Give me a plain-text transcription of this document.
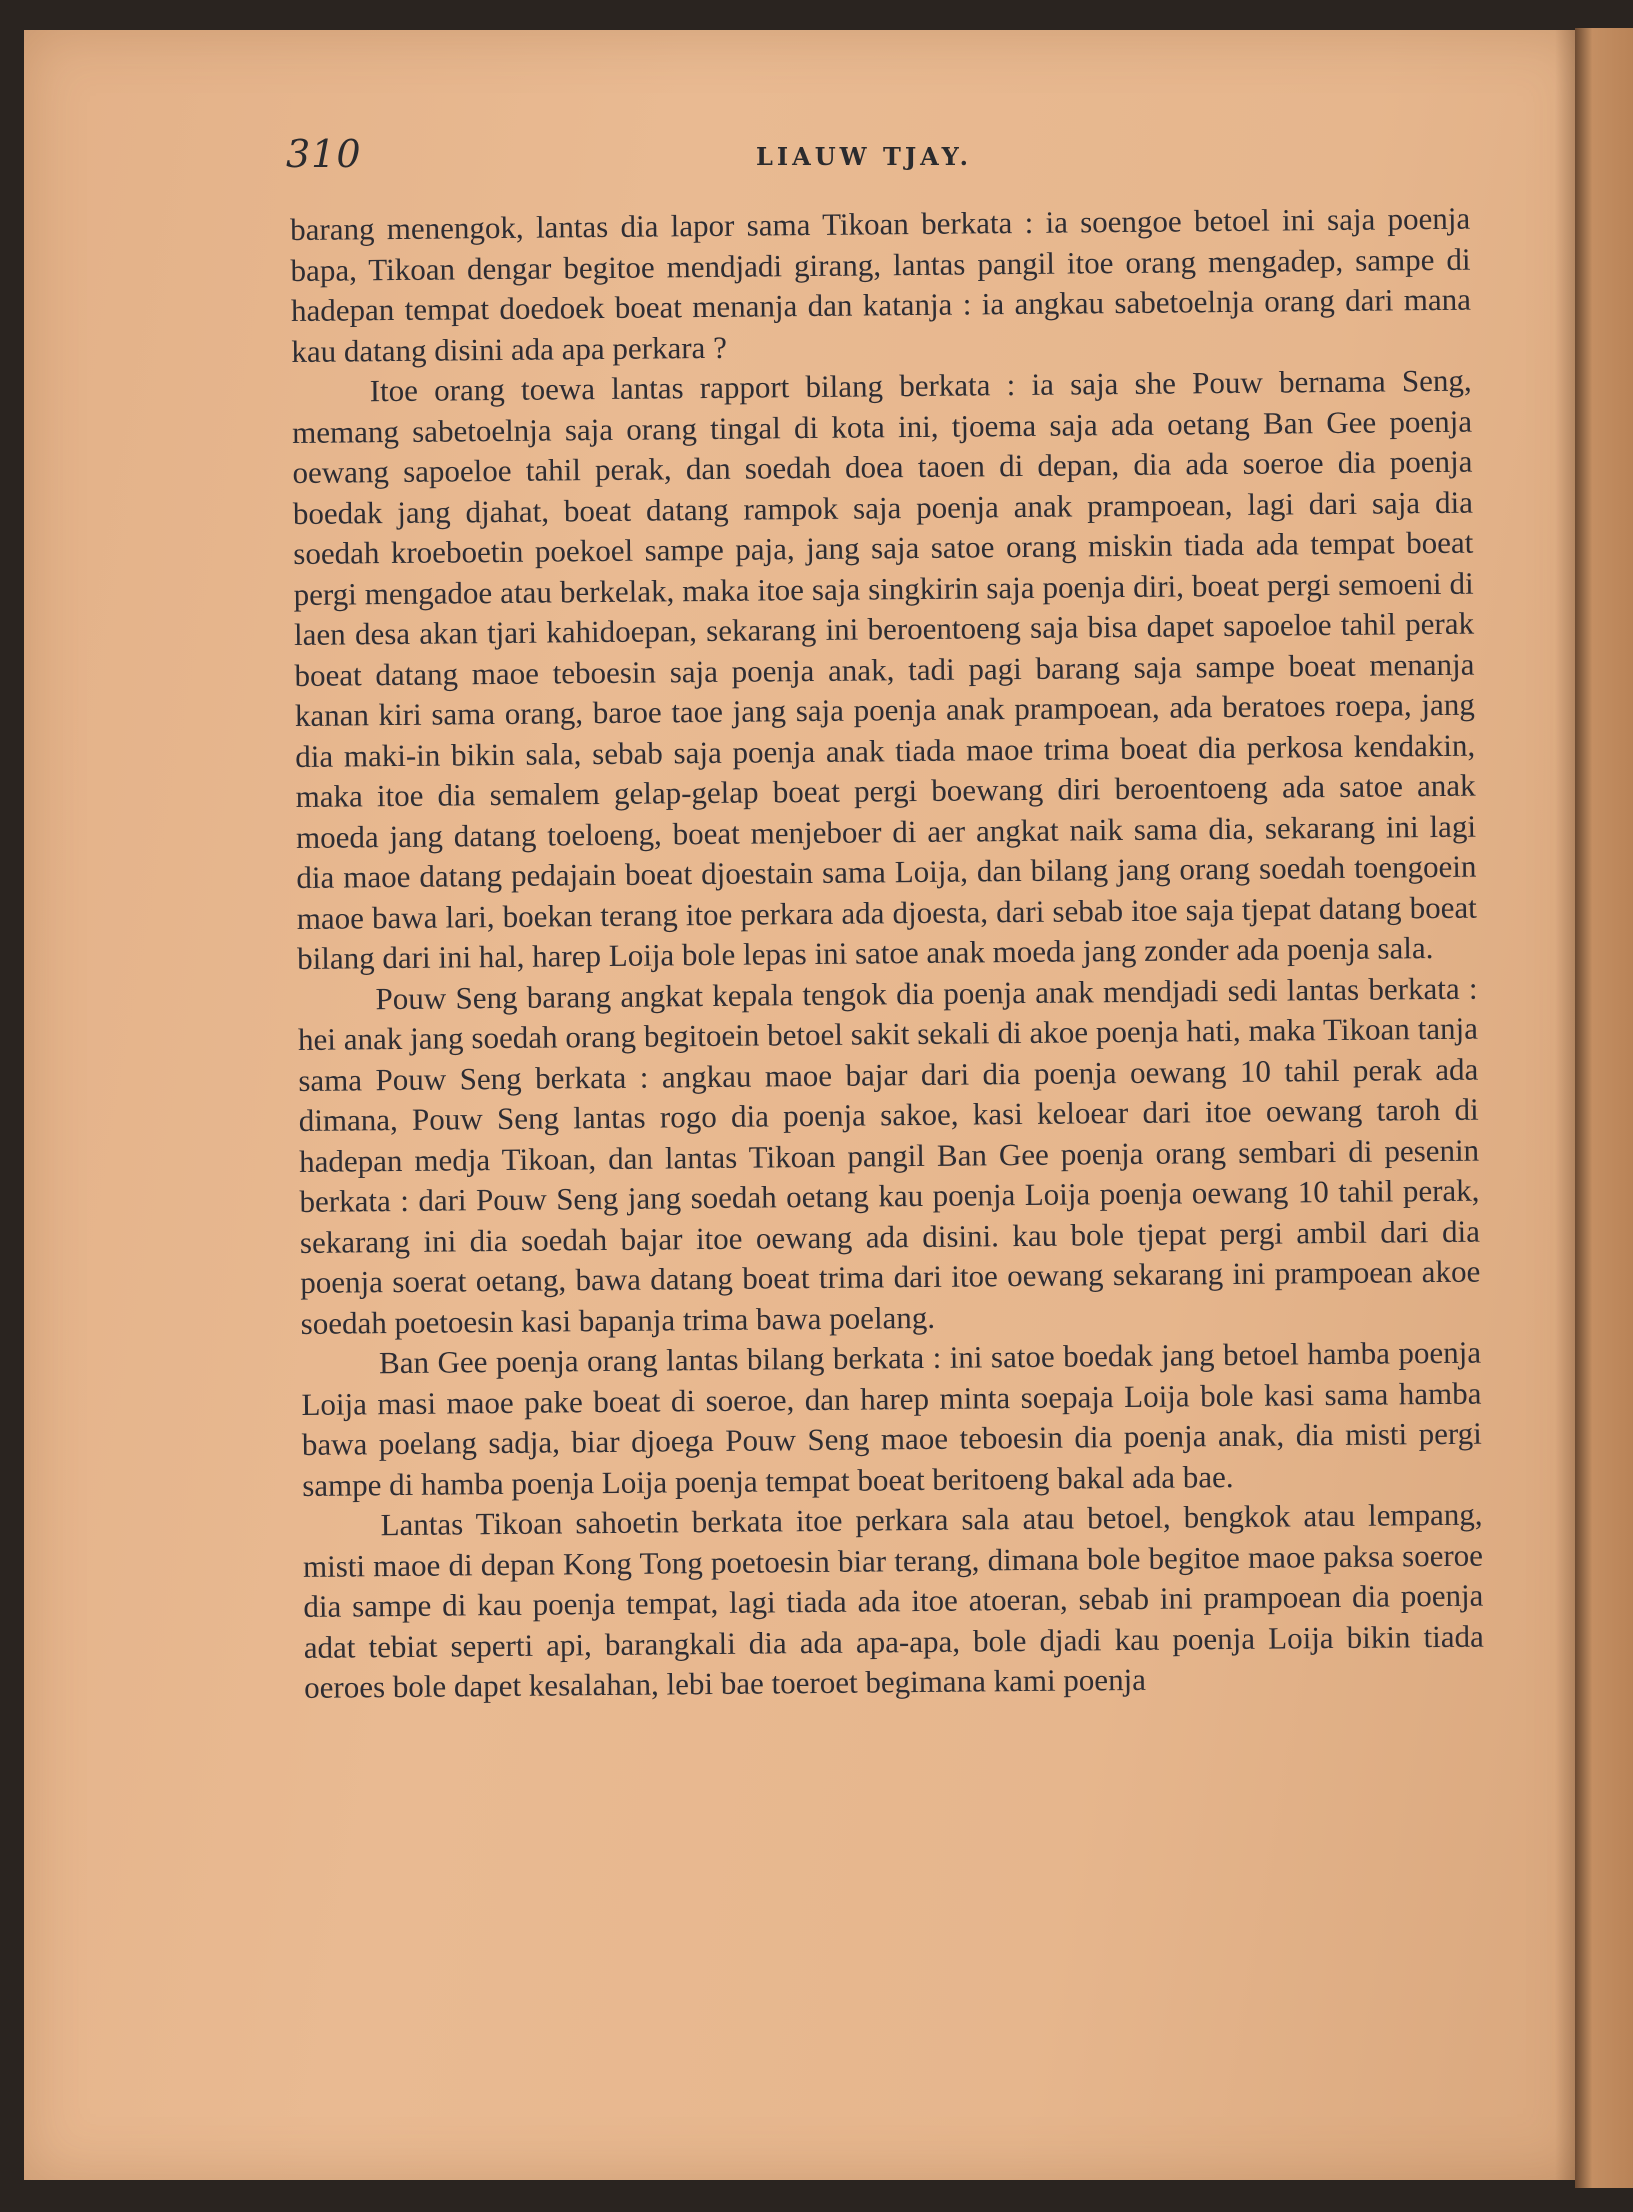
310	LIAUW TJAY.

barang menengok, lantas dia lapor sama Tikoan berkata : ia soengoe betoel ini saja poenja bapa, Tikoan dengar begitoe mendjadi girang, lantas pangil itoe orang mengadep, sampe di hadepan tempat doedoek boeat menanja dan katanja : ia angkau sabetoelnja orang dari mana kau datang disini ada apa perkara ?

Itoe orang toewa lantas rapport bilang berkata : ia saja she Pouw bernama Seng, memang sabetoelnja saja orang tingal di kota ini, tjoema saja ada oetang Ban Gee poenja oewang sapoeloe tahil perak, dan soedah doea taoen di depan, dia ada soeroe dia poenja boedak jang djahat, boeat datang rampok saja poenja anak prampoean, lagi dari saja dia soedah kroeboetin poekoel sampe paja, jang saja satoe orang miskin tiada ada tempat boeat pergi mengadoe atau berkelak, maka itoe saja singkirin saja poenja diri, boeat pergi semoeni di laen desa akan tjari kahidoepan, sekarang ini beroentoeng saja bisa dapet sapoeloe tahil perak boeat datang maoe teboesin saja poenja anak, tadi pagi barang saja sampe boeat menanja kanan kiri sama orang, baroe taoe jang saja poenja anak prampoean, ada beratoes roepa, jang dia maki-in bikin sala, sebab saja poenja anak tiada maoe trima boeat dia perkosa kendakin, maka itoe dia semalem gelap-gelap boeat pergi boewang diri beroentoeng ada satoe anak moeda jang datang toeloeng, boeat menjeboer di aer angkat naik sama dia, sekarang ini lagi dia maoe datang pedajain boeat djoestain sama Loija, dan bilang jang orang soedah toengoein maoe bawa lari, boekan terang itoe perkara ada djoesta, dari sebab itoe saja tjepat datang boeat bilang dari ini hal, harep Loija bole lepas ini satoe anak moeda jang zonder ada poenja sala.

Pouw Seng barang angkat kepala tengok dia poenja anak mendjadi sedi lantas berkata : hei anak jang soedah orang begitoein betoel sakit sekali di akoe poenja hati, maka Tikoan tanja sama Pouw Seng berkata : angkau maoe bajar dari dia poenja oewang 10 tahil perak ada dimana, Pouw Seng lantas rogo dia poenja sakoe, kasi keloear dari itoe oewang taroh di hadepan medja Tikoan, dan lantas Tikoan pangil Ban Gee poenja orang sembari di pesenin berkata : dari Pouw Seng jang soedah oetang kau poenja Loija poenja oewang 10 tahil perak, sekarang ini dia soedah bajar itoe oewang ada disini. kau bole tjepat pergi ambil dari dia poenja soerat oetang, bawa datang boeat trima dari itoe oewang sekarang ini prampoean akoe soedah poetoesin kasi bapanja trima bawa poelang.

Ban Gee poenja orang lantas bilang berkata : ini satoe boedak jang betoel hamba poenja Loija masi maoe pake boeat di soeroe, dan harep minta soepaja Loija bole kasi sama hamba bawa poelang sadja, biar djoega Pouw Seng maoe teboesin dia poenja anak, dia misti pergi sampe di hamba poenja Loija poenja tempat boeat beritoeng bakal ada bae.

Lantas Tikoan sahoetin berkata itoe perkara sala atau betoel, bengkok atau lempang, misti maoe di depan Kong Tong poetoesin biar terang, dimana bole begitoe maoe paksa soeroe dia sampe di kau poenja tempat, lagi tiada ada itoe atoeran, sebab ini prampoean dia poenja adat tebiat seperti api, barangkali dia ada apa-apa, bole djadi kau poenja Loija bikin tiada oeroes bole dapet kesalahan, lebi bae toeroet begimana kami poenja
